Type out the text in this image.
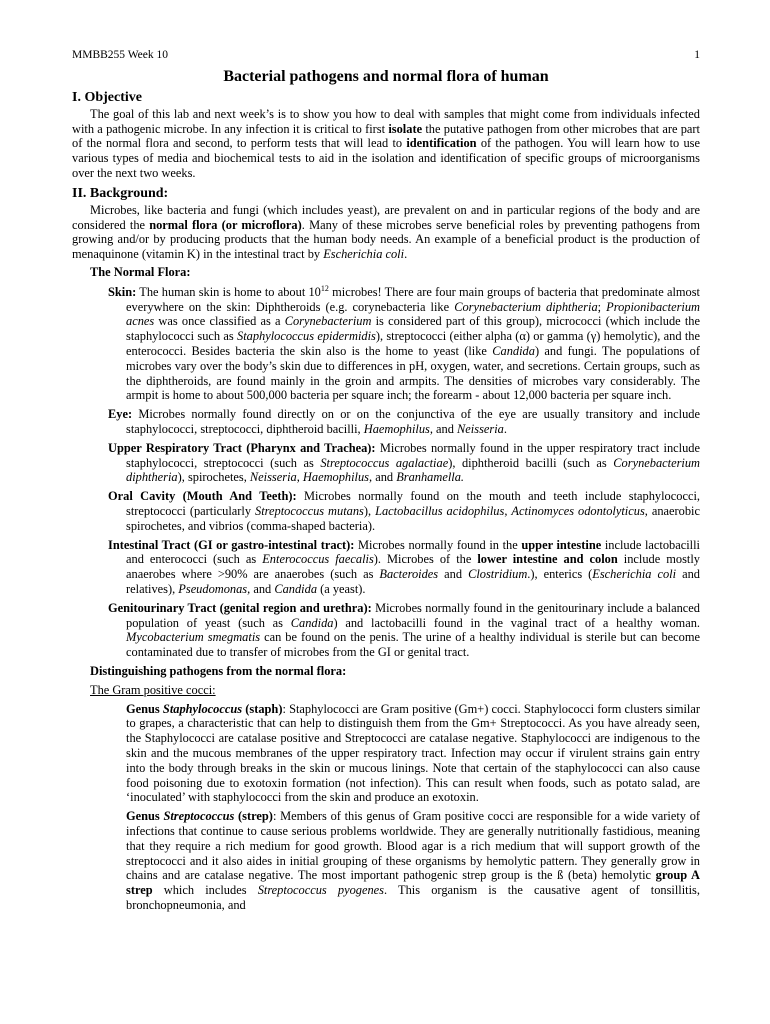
MMBB255 Week 10	1
Bacterial pathogens and normal flora of human
I. Objective

The goal of this lab and next week’s is to show you how to deal with samples that might come from individuals infected with a pathogenic microbe. In any infection it is critical to first isolate the putative pathogen from other microbes that are part of the normal flora and second, to perform tests that will lead to identification of the pathogen. You will learn how to use various types of media and biochemical tests to aid in the isolation and identification of specific groups of microorganisms over the next two weeks.

II. Background:

Microbes, like bacteria and fungi (which includes yeast), are prevalent on and in particular regions of the body and are considered the normal flora (or microflora). Many of these microbes serve beneficial roles by preventing pathogens from growing and/or by producing products that the human body needs. An example of a beneficial product is the production of menaquinone (vitamin K) in the intestinal tract by Escherichia coli.

The Normal Flora:

Skin: The human skin is home to about $10^{12}$ microbes! There are four main groups of bacteria that predominate almost everywhere on the skin: Diphtheroids (e.g. corynebacteria like Corynebacterium diphtheria; Propionibacterium acnes was once classified as a Corynebacterium is considered part of this group), micrococci (which include the staphylococci such as Staphylococcus epidermidis), streptococci (either alpha (α) or gamma (γ) hemolytic), and the enterococci. Besides bacteria the skin also is the home to yeast (like Candida) and fungi. The populations of microbes vary over the body’s skin due to differences in pH, oxygen, water, and secretions. Certain groups, such as the diphtheroids, are found mainly in the groin and armpits. The densities of microbes vary considerably. The armpit is home to about 500,000 bacteria per square inch; the forearm - about 12,000 bacteria per square inch.

Eye: Microbes normally found directly on or on the conjunctiva of the eye are usually transitory and include staphylococci, streptococci, diphtheroid bacilli, Haemophilus, and Neisseria.

Upper Respiratory Tract (Pharynx and Trachea): Microbes normally found in the upper respiratory tract include staphylococci, streptococci (such as Streptococcus agalactiae), diphtheroid bacilli (such as Corynebacterium diphtheria), spirochetes, Neisseria, Haemophilus, and Branhamella.

Oral Cavity (Mouth And Teeth): Microbes normally found on the mouth and teeth include staphylococci, streptococci (particularly Streptococcus mutans), Lactobacillus acidophilus, Actinomyces odontolyticus, anaerobic spirochetes, and vibrios (comma-shaped bacteria).

Intestinal Tract (GI or gastro-intestinal tract): Microbes normally found in the upper intestine include lactobacilli and enterococci (such as Enterococcus faecalis). Microbes of the lower intestine and colon include mostly anaerobes where >90% are anaerobes (such as Bacteroides and Clostridium.), enterics (Escherichia coli and relatives), Pseudomonas, and Candida (a yeast).

Genitourinary Tract (genital region and urethra): Microbes normally found in the genitourinary include a balanced population of yeast (such as Candida) and lactobacilli found in the vaginal tract of a healthy woman. Mycobacterium smegmatis can be found on the penis. The urine of a healthy individual is sterile but can become contaminated due to transfer of microbes from the GI or genital tract.

Distinguishing pathogens from the normal flora:
The Gram positive cocci:

Genus Staphylococcus (staph): Staphylococci are Gram positive (Gm+) cocci. Staphylococci form clusters similar to grapes, a characteristic that can help to distinguish them from the Gm+ Streptococci. As you have already seen, the Staphylococci are catalase positive and Streptococci are catalase negative. Staphylococci are indigenous to the skin and the mucous membranes of the upper respiratory tract. Infection may occur if virulent strains gain entry into the body through breaks in the skin or mucous linings. Note that certain of the staphylococci can also cause food poisoning due to exotoxin formation (not infection). This can result when foods, such as potato salad, are ‘inoculated’ with staphylococci from the skin and produce an exotoxin.

Genus Streptococcus (strep): Members of this genus of Gram positive cocci are responsible for a wide variety of infections that continue to cause serious problems worldwide. They are generally nutritionally fastidious, meaning that they require a rich medium for good growth. Blood agar is a rich medium that will support growth of the streptococci and it also aides in initial grouping of these organisms by hemolytic pattern. They generally grow in chains and are catalase negative. The most important pathogenic strep group is the ß (beta) hemolytic group A strep which includes Streptococcus pyogenes. This organism is the causative agent of tonsillitis, bronchopneumonia, and
